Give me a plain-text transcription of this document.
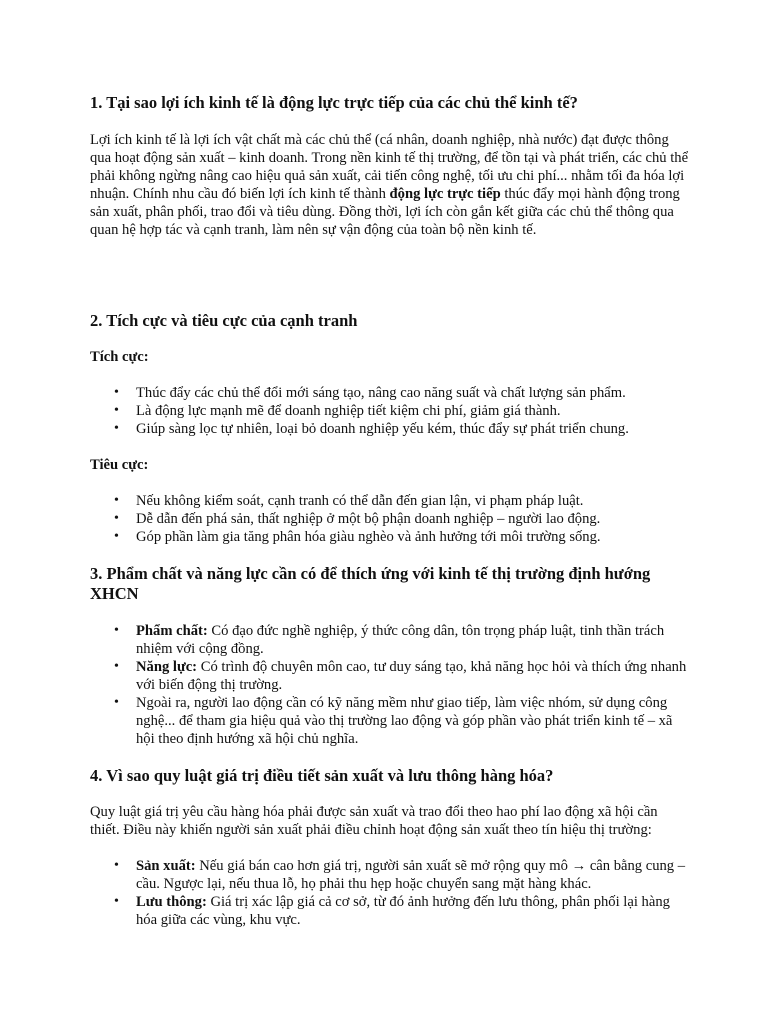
1. Tại sao lợi ích kinh tế là động lực trực tiếp của các chủ thể kinh tế?

Lợi ích kinh tế là lợi ích vật chất mà các chủ thể (cá nhân, doanh nghiệp, nhà nước) đạt được thông qua hoạt động sản xuất – kinh doanh. Trong nền kinh tế thị trường, để tồn tại và phát triển, các chủ thể phải không ngừng nâng cao hiệu quả sản xuất, cải tiến công nghệ, tối ưu chi phí... nhằm tối đa hóa lợi nhuận. Chính nhu cầu đó biến lợi ích kinh tế thành động lực trực tiếp thúc đẩy mọi hành động trong sản xuất, phân phối, trao đổi và tiêu dùng. Đồng thời, lợi ích còn gắn kết giữa các chủ thể thông qua quan hệ hợp tác và cạnh tranh, làm nên sự vận động của toàn bộ nền kinh tế.

2. Tích cực và tiêu cực của cạnh tranh

Tích cực:

• Thúc đẩy các chủ thể đổi mới sáng tạo, nâng cao năng suất và chất lượng sản phẩm.
• Là động lực mạnh mẽ để doanh nghiệp tiết kiệm chi phí, giảm giá thành.
• Giúp sàng lọc tự nhiên, loại bỏ doanh nghiệp yếu kém, thúc đẩy sự phát triển chung.

Tiêu cực:

• Nếu không kiểm soát, cạnh tranh có thể dẫn đến gian lận, vi phạm pháp luật.
• Dễ dẫn đến phá sản, thất nghiệp ở một bộ phận doanh nghiệp – người lao động.
• Góp phần làm gia tăng phân hóa giàu nghèo và ảnh hưởng tới môi trường sống.
3. Phẩm chất và năng lực cần có để thích ứng với kinh tế thị trường định hướng XHCN
• Phẩm chất: Có đạo đức nghề nghiệp, ý thức công dân, tôn trọng pháp luật, tinh thần trách nhiệm với cộng đồng.
• Năng lực: Có trình độ chuyên môn cao, tư duy sáng tạo, khả năng học hỏi và thích ứng nhanh với biến động thị trường.
• Ngoài ra, người lao động cần có kỹ năng mềm như giao tiếp, làm việc nhóm, sử dụng công nghệ... để tham gia hiệu quả vào thị trường lao động và góp phần vào phát triển kinh tế – xã hội theo định hướng xã hội chủ nghĩa.
4. Vì sao quy luật giá trị điều tiết sản xuất và lưu thông hàng hóa?

Quy luật giá trị yêu cầu hàng hóa phải được sản xuất và trao đổi theo hao phí lao động xã hội cần thiết. Điều này khiến người sản xuất phải điều chỉnh hoạt động sản xuất theo tín hiệu thị trường:

• Sản xuất: Nếu giá bán cao hơn giá trị, người sản xuất sẽ mở rộng quy mô → cân bằng cung – cầu. Ngược lại, nếu thua lỗ, họ phải thu hẹp hoặc chuyển sang mặt hàng khác.
• Lưu thông: Giá trị xác lập giá cả cơ sở, từ đó ảnh hưởng đến lưu thông, phân phối lại hàng hóa giữa các vùng, khu vực.
